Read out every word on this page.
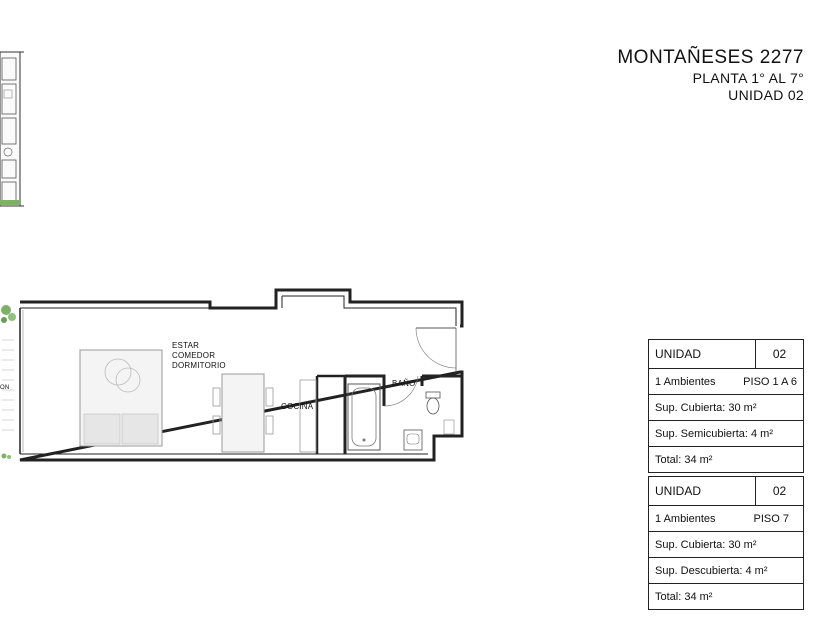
MONTAÑESES 2277
PLANTA 1° AL 7°
UNIDAD 02
ESTAR
COMEDOR
DORMITORIO
COCINA
BAÑO
ON
UNIDAD	02

1 Ambientes	PISO 1 A 6

Sup. Cubierta: 30 m²
Sup. Semicubierta: 4 m²
Total: 34 m²
UNIDAD	02

1 Ambientes	PISO 7

Sup. Cubierta: 30 m²
Sup. Descubierta: 4 m²
Total: 34 m²
